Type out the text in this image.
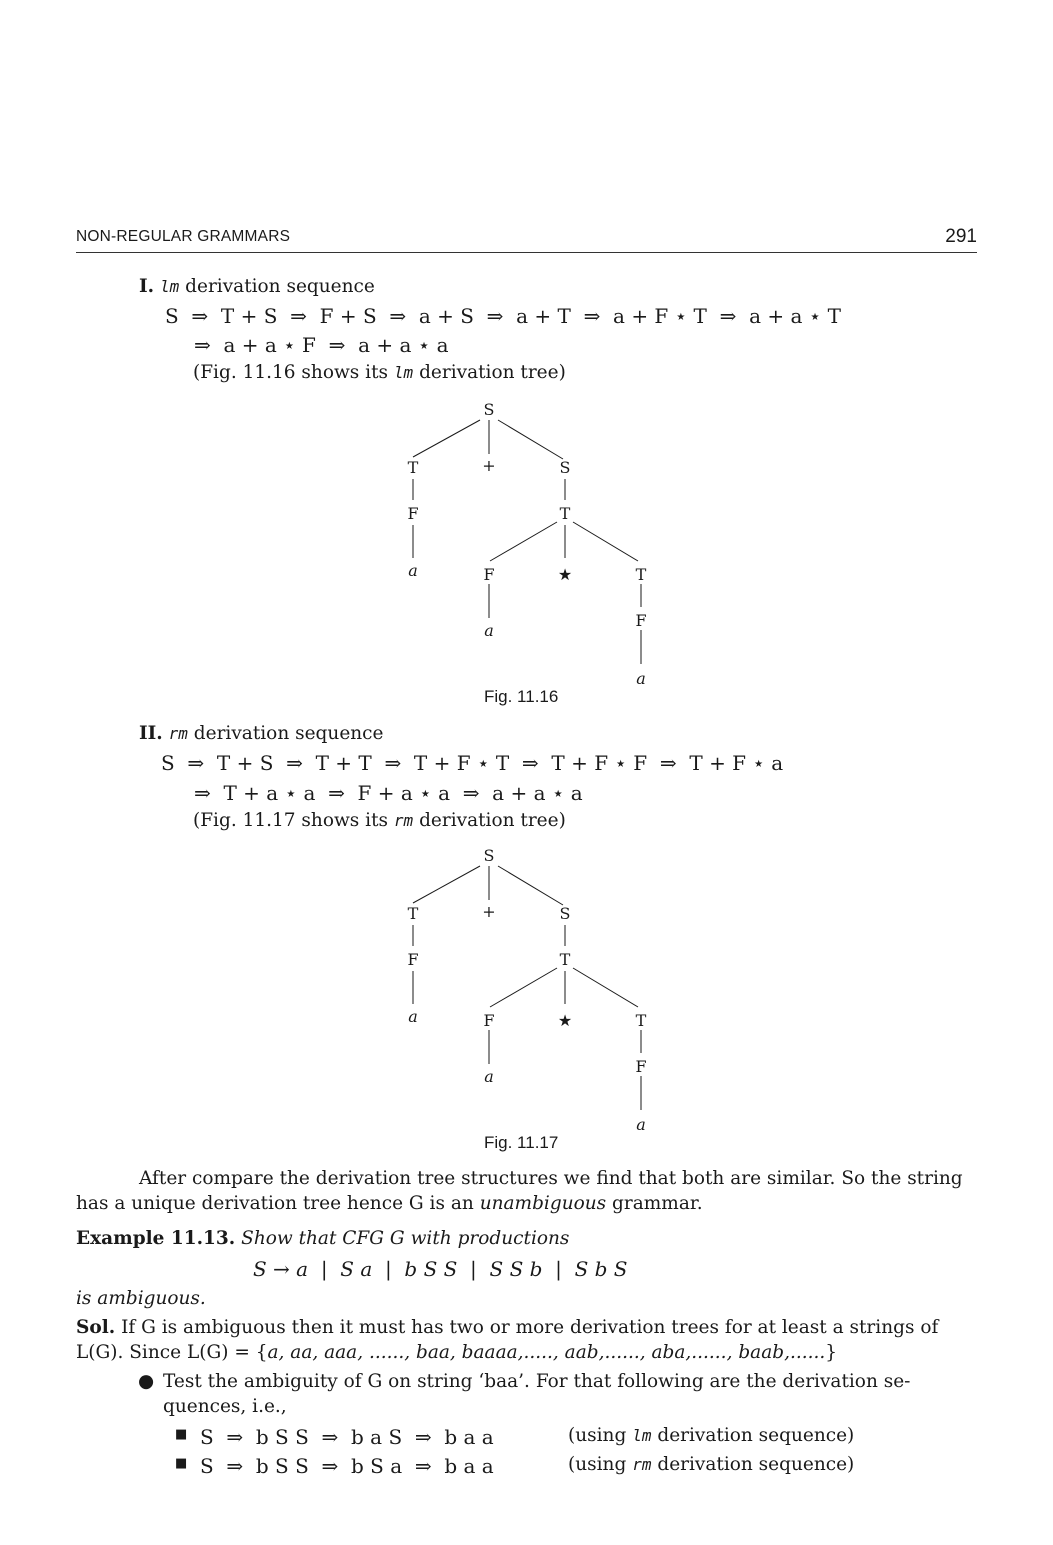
NON-REGULAR GRAMMARS	291
I. lm derivation sequence
S  ⇒  T + S  ⇒  F + S  ⇒  a + S  ⇒  a + T  ⇒  a + F ⋆ T  ⇒  a + a ⋆ T
⇒  a + a ⋆ F  ⇒  a + a ⋆ a
(Fig. 11.16 shows its lm derivation tree)
S
T	+	S
F	T
a	F	★	T
a
F
a
Fig. 11.16
II. rm derivation sequence
S  ⇒  T + S  ⇒  T + T  ⇒  T + F ⋆ T  ⇒  T + F ⋆ F  ⇒  T + F ⋆ a
⇒  T + a ⋆ a  ⇒  F + a ⋆ a  ⇒  a + a ⋆ a
(Fig. 11.17 shows its rm derivation tree)
S
T	+	S
F	T
a	F	★	T
a
F
a
Fig. 11.17
After compare the derivation tree structures we find that both are similar. So the string
has a unique derivation tree hence G is an unambiguous grammar.
Example 11.13. Show that CFG G with productions
S → a  |  S a  |  b S S  |  S S b  |  S b S
is ambiguous.
Sol. If G is ambiguous then it must has two or more derivation trees for at least a strings of
L(G). Since L(G) = {a, aa, aaa, ......, baa, baaaa,....., aab,......, aba,......, baab,......}
● Test the ambiguity of G on string ‘baa’. For that following are the derivation se-
quences, i.e.,
■ S  ⇒  b S S  ⇒  b a S  ⇒  b a a	(using lm derivation sequence)
■ S  ⇒  b S S  ⇒  b S a  ⇒  b a a	(using rm derivation sequence)
